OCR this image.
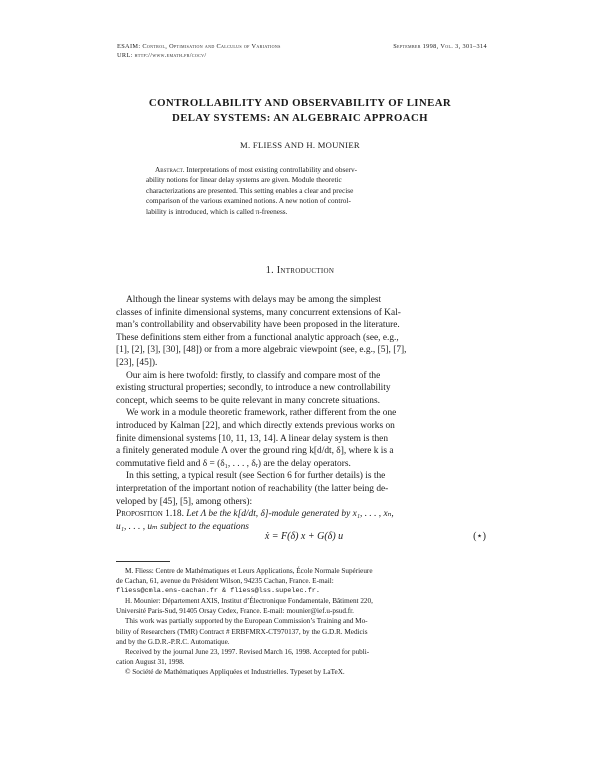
ESAIM: Control, Optimisation and Calculus of Variations	September 1998, Vol. 3, 301–314
URL: http://www.emath.fr/cocv/
CONTROLLABILITY AND OBSERVABILITY OF LINEAR
DELAY SYSTEMS: AN ALGEBRAIC APPROACH
M. FLIESS AND H. MOUNIER
Abstract. Interpretations of most existing controllability and observ-
ability notions for linear delay systems are given. Module theoretic
characterizations are presented. This setting enables a clear and precise
comparison of the various examined notions. A new notion of control-
lability is introduced, which is called π-freeness.
1. Introduction
Although the linear systems with delays may be among the simplest
classes of infinite dimensional systems, many concurrent extensions of Kal-
man’s controllability and observability have been proposed in the literature.
These definitions stem either from a functional analytic approach (see, e.g.,
[1], [2], [3], [30], [48]) or from a more algebraic viewpoint (see, e.g., [5], [7],
[23], [45]).
Our aim is here twofold: firstly, to classify and compare most of the
existing structural properties; secondly, to introduce a new controllability
concept, which seems to be quite relevant in many concrete situations.
We work in a module theoretic framework, rather different from the one
introduced by Kalman [22], and which directly extends previous works on
finite dimensional systems [10, 11, 13, 14]. A linear delay system is then
a finitely generated module Λ over the ground ring k[d/dt, δ], where k is a
commutative field and δ = (δ₁, . . . , δᵣ) are the delay operators.
In this setting, a typical result (see Section 6 for further details) is the
interpretation of the important notion of reachability (the latter being de-
veloped by [45], [5], among others):
Proposition 1.18. Let Λ be the k[d/dt, δ]-module generated by x₁, . . . , xₙ,
u₁, . . . , uₘ subject to the equations
ẋ = F(δ) x + G(δ) u	(⋆)
M. Fliess: Centre de Mathématiques et Leurs Applications, École Normale Supérieure
de Cachan, 61, avenue du Président Wilson, 94235 Cachan, France. E-mail:
fliess@cmla.ens-cachan.fr & fliess@lss.supelec.fr.
H. Mounier: Département AXIS, Institut d’Électronique Fondamentale, Bâtiment 220,
Université Paris-Sud, 91405 Orsay Cedex, France. E-mail: mounier@ief.u-psud.fr.
This work was partially supported by the European Commission’s Training and Mo-
bility of Researchers (TMR) Contract # ERBFMRX-CT970137, by the G.D.R. Medicis
and by the G.D.R.-P.R.C. Automatique.
Received by the journal June 23, 1997. Revised March 16, 1998. Accepted for publi-
cation August 31, 1998.
© Société de Mathématiques Appliquées et Industrielles. Typeset by LaTeX.
